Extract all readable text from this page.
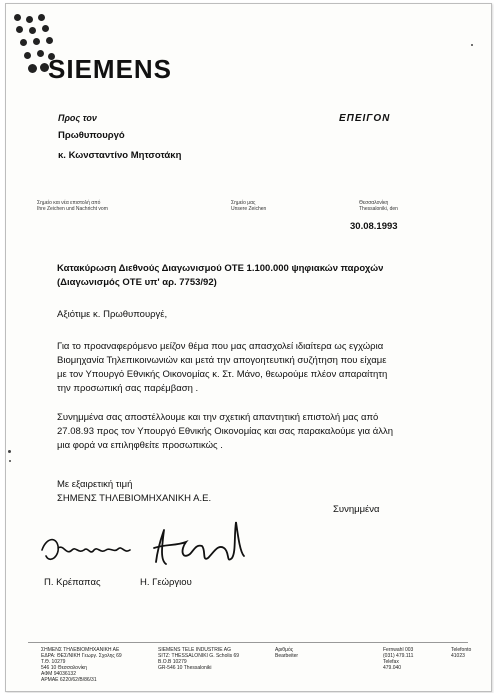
SIEMENS
Προς τον
Πρωθυπουργό
κ. Κωνσταντίνο Μητσοτάκη
ΕΠΕΙΓΟΝ
Σημείο και νέα επιστολή από
Ihre Zeichen und Nachricht vom
Σημείο μας
Unsere Zeichen
Θεσσαλονίκη
Thessaloniki, den
30.08.1993
Κατακύρωση Διεθνούς Διαγωνισμού ΟΤΕ 1.100.000 ψηφιακών παροχών
(Διαγωνισμός ΟΤΕ υπ' αρ. 7753/92)
Αξιότιμε κ. Πρωθυπουργέ,
Για το προαναφερόμενο μείζον θέμα που μας απασχολεί ιδιαίτερα ως εγχώρια
Βιομηχανία Τηλεπικοινωνιών και μετά την απογοητευτική συζήτηση που είχαμε
με τον Υπουργό Εθνικής Οικονομίας κ. Στ. Μάνο, θεωρούμε πλέον απαραίτητη
την προσωπική σας παρέμβαση .
Συνημμένα σας αποστέλλουμε και την σχετική απαντητική επιστολή μας από
27.08.93 προς τον Υπουργό Εθνικής Οικονομίας και σας παρακαλούμε για άλλη
μια φορά να επιληφθείτε προσωπικώς .
Με εξαιρετική τιμή
ΣΗΜΕΝΣ ΤΗΛΕΒΙΟΜΗΧΑΝΙΚΗ Α.Ε.
Συνημμένα
Π. Κρέπαπας	Η. Γεώργιου
ΣΗΜΕΝΣ ΤΗΛΕΒΙΟΜΗΧΑΝΙΚΗ ΑΕ
ΕΔΡΑ: ΘΕΣ/ΝΙΚΗ Γεωργ. Σχολης 69
Τ.Θ. 10279
546 10 Θεσσαλονίκη
ΑΦΜ 94036132
ΑΡΜΑΕ 6220/62/Β/86/31
SIEMENS TELE INDUSTRIE AG
SITZ: THESSALONIKI G. Scholis 69
B.O.B 10279
GR-546 10 Thessaloniki
Αριθμός
Bearbeiter
Fernwahl 003
(031) 479.111
Telefax
479.040
Telefonto
41023
